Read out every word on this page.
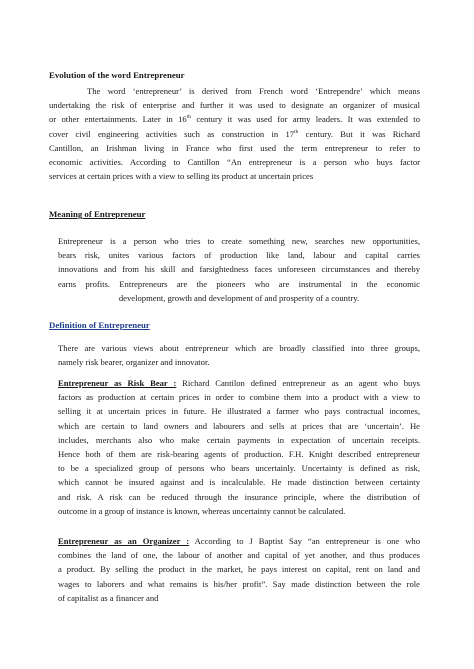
Evolution of the word Entrepreneur
The word ‘entrepreneur’ is derived from French word ‘Entrependre’ which means
undertaking the risk of enterprise and further it was used to designate an organizer of musical
or other entertainments. Later in 16th century it was used for army leaders. It was extended to
cover civil engineering activities such as construction in 17th century. But it was Richard
Cantillon, an Irishman living in France who first used the term entrepreneur to refer to
economic activities. According to Cantillon “An entrepreneur is a person who buys factor
services at certain prices with a view to selling its product at uncertain prices
Meaning of Entrepreneur
Entrepreneur is a person who tries to create something new, searches new opportunities,
bears risk, unites various factors of production like land, labour and capital carries
innovations and from his skill and farsightedness faces unforeseen circumstances and thereby
earns profits. Entrepreneurs are the pioneers who are instrumental in the economic
development, growth and development of and prosperity of a country.
Definition of Entrepreneur
There are various views about entrepreneur which are broadly classified into three groups,
namely risk bearer, organizer and innovator.
Entrepreneur as Risk Bear : Richard Cantilon defined entrepreneur as an agent who buys
factors as production at certain prices in order to combine them into a product with a view to
selling it at uncertain prices in future. He illustrated a farmer who pays contractual incomes,
which are certain to land owners and labourers and sells at prices that are ‘uncertain’. He
includes, merchants also who make certain payments in expectation of uncertain receipts.
Hence both of them are risk-bearing agents of production. F.H. Knight described entrepreneur
to be a specialized group of persons who bears uncertainly. Uncertainty is defined as risk,
which cannot be insured against and is incalculable. He made distinction between certainty
and risk. A risk can be reduced through the insurance principle, where the distribution of
outcome in a group of instance is known, whereas uncertainty cannot be calculated.
Entrepreneur as an Organizer : According to J Baptist Say “an entrepreneur is one who
combines the land of one, the labour of another and capital of yet another, and thus produces
a product. By selling the product in the market, he pays interest on capital, rent on land and
wages to laborers and what remains is his/her profit”. Say made distinction between the role
of capitalist as a financer and
